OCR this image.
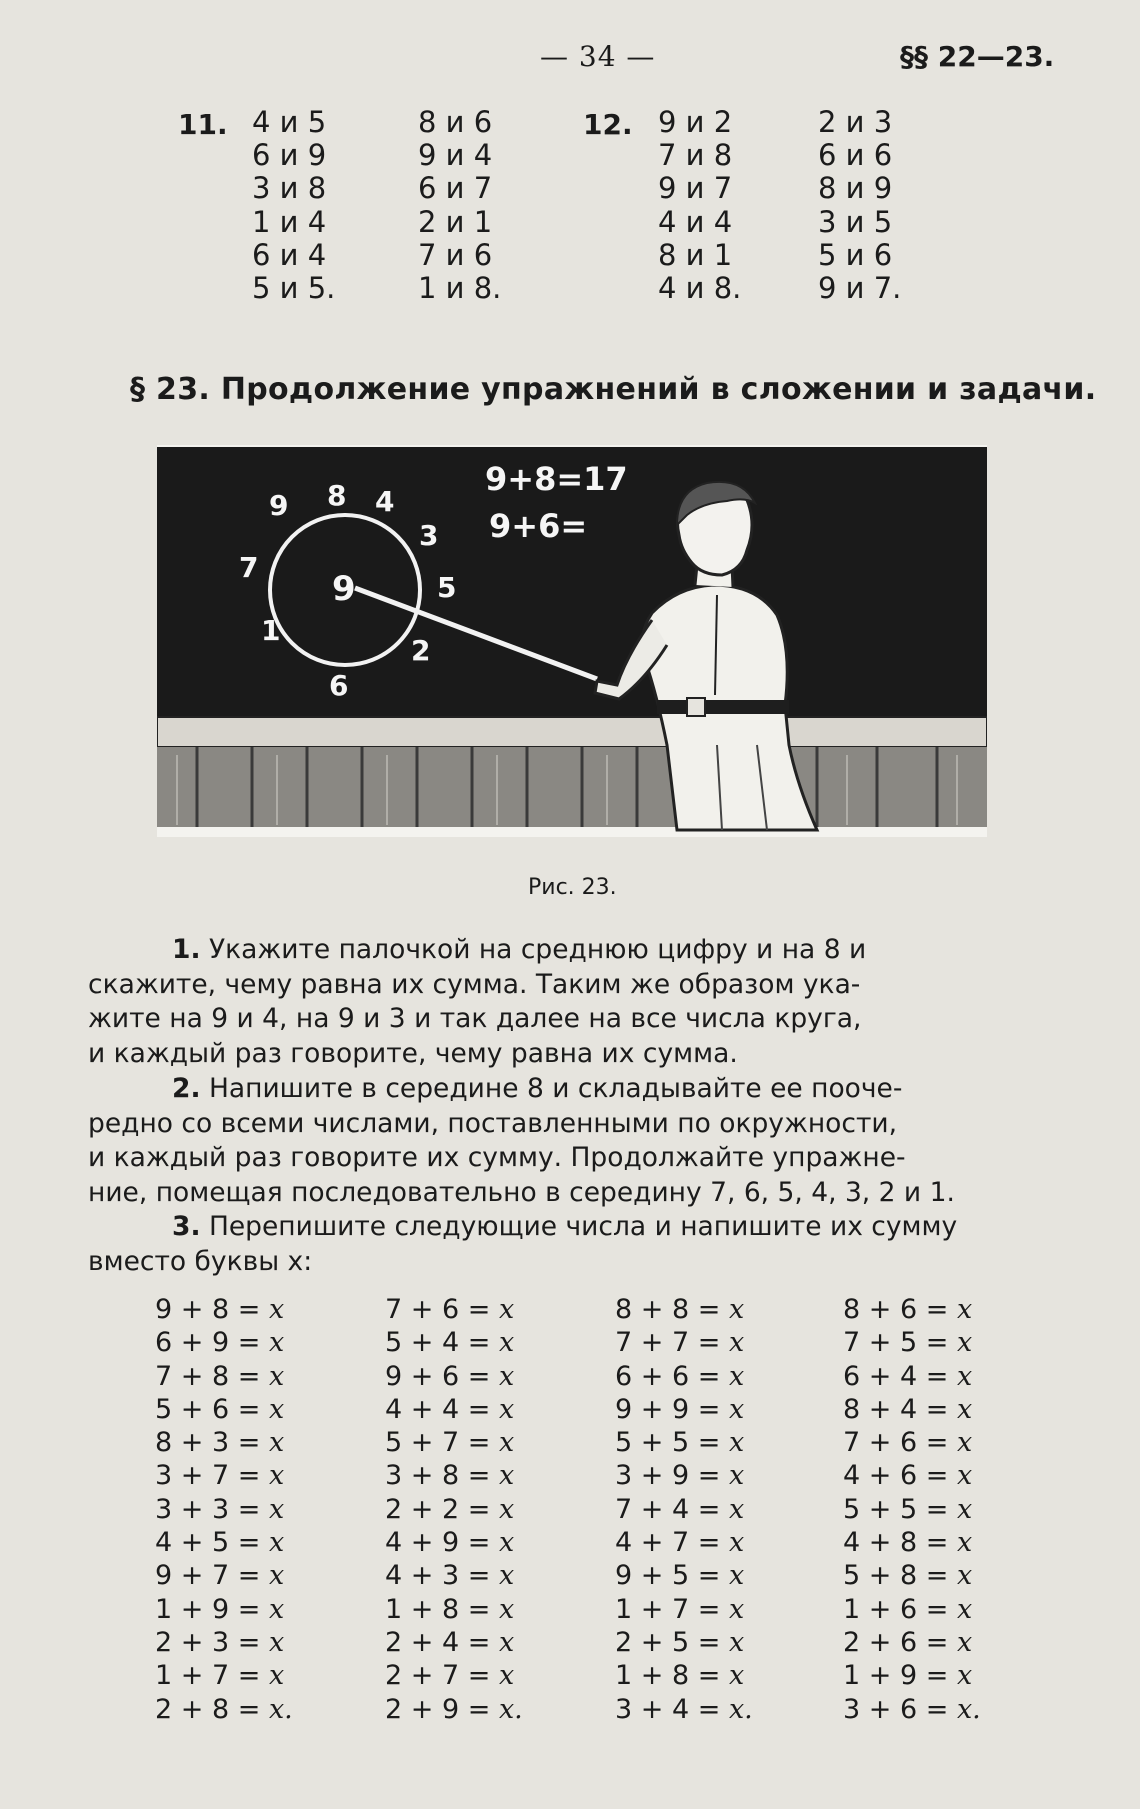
— 34 —	§§ 22—23.
11. 4 и 5
6 и 9
3 и 8
1 и 4
6 и 4
5 и 5.
8 и 6
9 и 4
6 и 7
2 и 1
7 и 6
1 и 8.
12. 9 и 2
7 и 8
9 и 7
4 и 4
8 и 1
4 и 8.
2 и 3
6 и 6
8 и 9
3 и 5
5 и 6
9 и 7.
§ 23. Продолжение упражнений в сложении и задачи.
9 8 4
3
5
2
6
1
7
9
9+8=17
9+6=
Рис. 23.
1. Укажите палочкой на среднюю цифру и на 8 и
скажите, чему равна их сумма. Таким же образом ука-
жите на 9 и 4, на 9 и 3 и так далее на все числа круга,
и каждый раз говорите, чему равна их сумма.
2. Напишите в середине 8 и складывайте ее пооче-
редно со всеми числами, поставленными по окружности,
и каждый раз говорите их сумму. Продолжайте упражне-
ние, помещая последовательно в середину 7, 6, 5, 4, 3, 2 и 1.
3. Перепишите следующие числа и напишите их сумму
вместо буквы x:
9 + 8 = x
6 + 9 = x
7 + 8 = x
5 + 6 = x
8 + 3 = x
3 + 7 = x
3 + 3 = x
4 + 5 = x
9 + 7 = x
1 + 9 = x
2 + 3 = x
1 + 7 = x
2 + 8 = x.
7 + 6 = x
5 + 4 = x
9 + 6 = x
4 + 4 = x
5 + 7 = x
3 + 8 = x
2 + 2 = x
4 + 9 = x
4 + 3 = x
1 + 8 = x
2 + 4 = x
2 + 7 = x
2 + 9 = x.
8 + 8 = x
7 + 7 = x
6 + 6 = x
9 + 9 = x
5 + 5 = x
3 + 9 = x
7 + 4 = x
4 + 7 = x
9 + 5 = x
1 + 7 = x
2 + 5 = x
1 + 8 = x
3 + 4 = x.
8 + 6 = x
7 + 5 = x
6 + 4 = x
8 + 4 = x
7 + 6 = x
4 + 6 = x
5 + 5 = x
4 + 8 = x
5 + 8 = x
1 + 6 = x
2 + 6 = x
1 + 9 = x
3 + 6 = x.
